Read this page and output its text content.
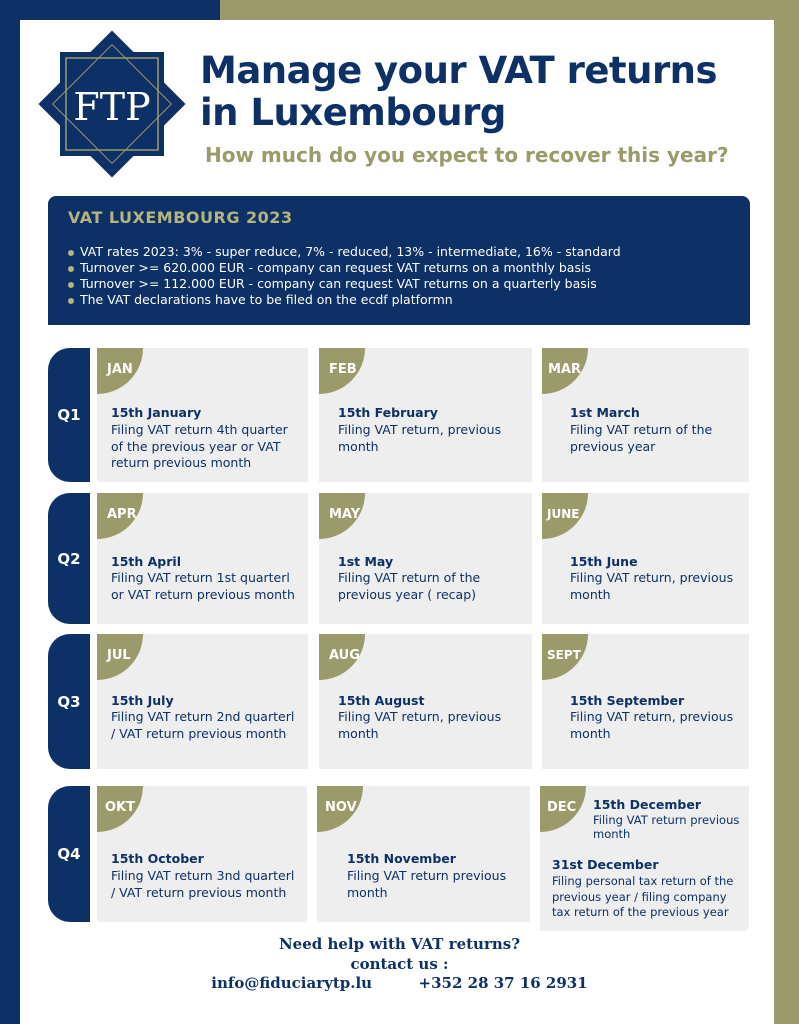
FTP
Manage your VAT returns
in Luxembourg
How much do you expect to recover this year?
VAT LUXEMBOURG 2023
VAT rates 2023: 3% - super reduce, 7% - reduced, 13% - intermediate, 16% - standard
Turnover >= 620.000 EUR - company can request VAT returns on a monthly basis
Turnover >= 112.000 EUR - company can request VAT returns on a quarterly basis
The VAT declarations have to be filed on the ecdf platformn
Q1
JAN
15th January
Filing VAT return 4th quarter of the previous year or VAT return previous month
FEB
15th February
Filing VAT return, previous month
MAR
1st March
Filing VAT return of the previous year
Q2
APR
15th April
Filing VAT return 1st quarterl or VAT return previous month
MAY
1st May
Filing VAT return of the previous year ( recap)
JUNE
15th June
Filing VAT return, previous month
Q3
JUL
15th July
Filing VAT return 2nd quarterl / VAT return previous month
AUG
15th August
Filing VAT return, previous month
SEPT
15th September
Filing VAT return, previous month
Q4
OKT
15th October
Filing VAT return 3nd quarterl / VAT return previous month
NOV
15th November
Filing VAT return previous month
DEC 15th December
Filing VAT return previous month
31st December
Filing personal tax return of the previous year / filing company tax return of the previous year
Need help with VAT returns?
contact us :
info@fiduciarytp.lu	+352 28 37 16 2931
